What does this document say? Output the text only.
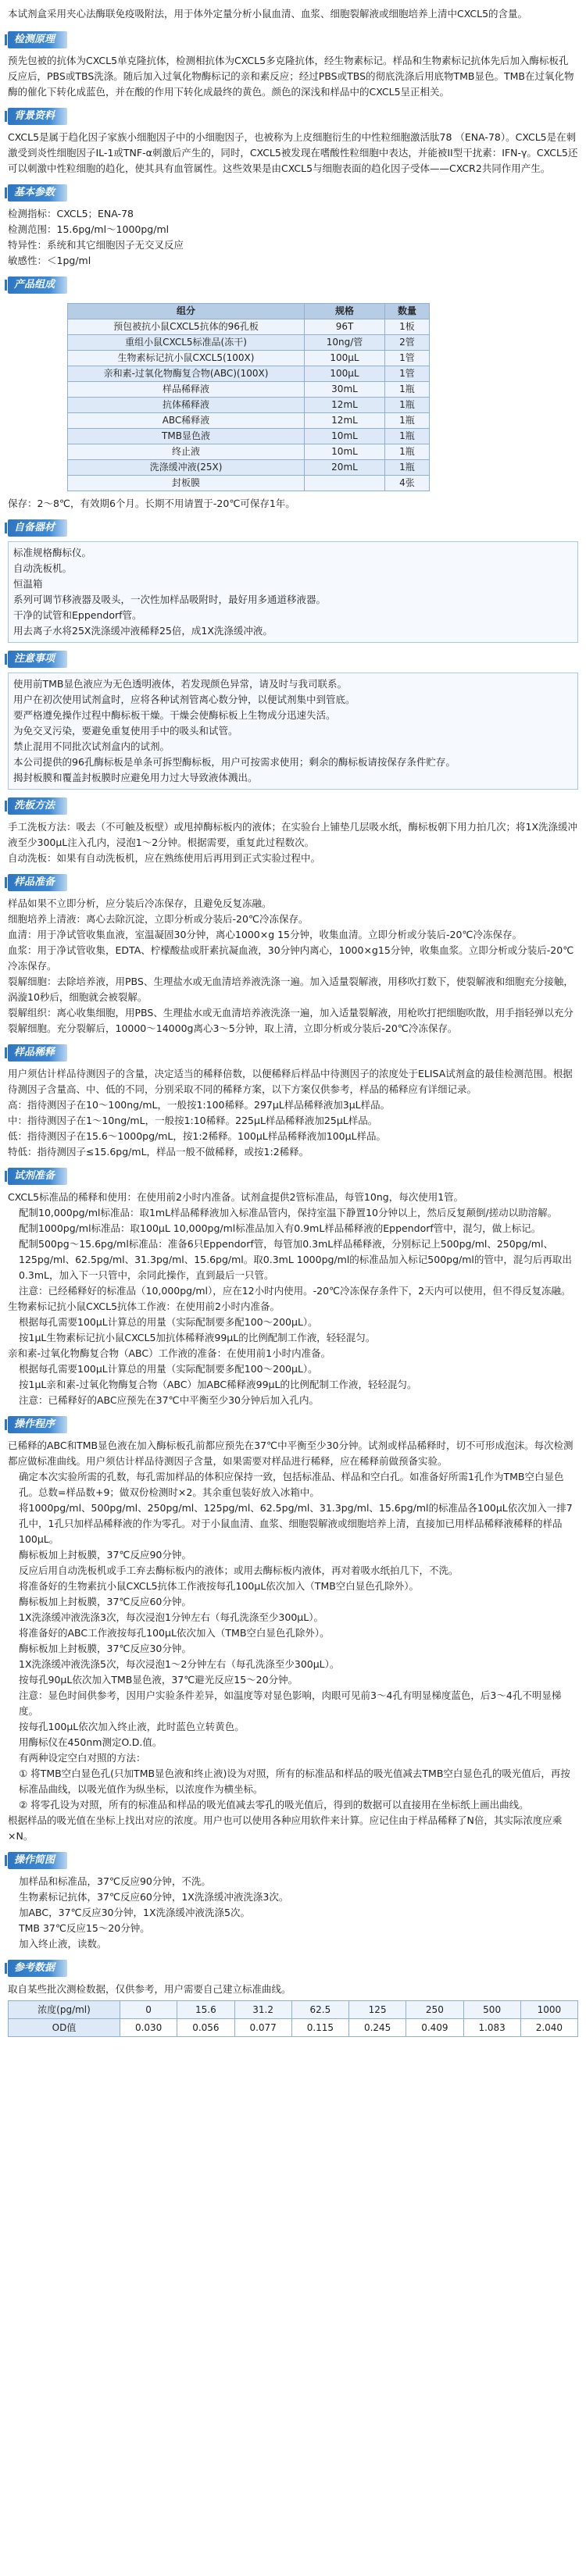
本试剂盒采用夹心法酶联免疫吸附法，用于体外定量分析小鼠血清、血浆、细胞裂解液或细胞培养上清中CXCL5的含量。

检测原理

预先包被的抗体为CXCL5单克隆抗体，检测相抗体为CXCL5多克隆抗体，经生物素标记。样品和生物素标记抗体先后加入酶标板孔反应后，PBS或TBS洗涤。随后加入过氧化物酶标记的亲和素反应；经过PBS或TBS的彻底洗涤后用底物TMB显色。TMB在过氧化物酶的催化下转化成蓝色，并在酸的作用下转化成最终的黄色。颜色的深浅和样品中的CXCL5呈正相关。

背景资料

CXCL5是属于趋化因子家族小细胞因子中的小细胞因子，也被称为上皮细胞衍生的中性粒细胞激活肽78 （ENA-78）。CXCL5是在刺激受到炎性细胞因子IL-1或TNF-α刺激后产生的，同时，CXCL5被发现在嗜酸性粒细胞中表达，并能被II型干扰素：IFN-γ。CXCL5还可以刺激中性粒细胞的趋化，使其具有血管属性。这些效果是由CXCL5与细胞表面的趋化因子受体——CXCR2共同作用产生。

基本参数

检测指标：CXCL5；ENA-78

检测范围：15.6pg/ml～1000pg/ml

特异性：系统和其它细胞因子无交叉反应

敏感性：＜1pg/ml

产品组成
组分	规格	数量
预包被抗小鼠CXCL5抗体的96孔板	96T	1板
重组小鼠CXCL5标准品(冻干)	10ng/管	2管
生物素标记抗小鼠CXCL5(100X)	100μL	1管
亲和素-过氧化物酶复合物(ABC)(100X)	100μL	1管
样品稀释液	30mL	1瓶
抗体稀释液	12mL	1瓶
ABC稀释液	12mL	1瓶
TMB显色液	10mL	1瓶
终止液	10mL	1瓶
洗涤缓冲液(25X)	20mL	1瓶
封板膜		4张

保存：2～8℃，有效期6个月。长期不用请置于-20℃可保存1年。

自备器材

标准规格酶标仪。

自动洗板机。

恒温箱

系列可调节移液器及吸头，一次性加样品吸附时，最好用多通道移液器。

干净的试管和Eppendorf管。

用去离子水将25X洗涤缓冲液稀释25倍，成1X洗涤缓冲液。

注意事项

使用前TMB显色液应为无色透明液体，若发现颜色异常，请及时与我司联系。

用户在初次使用试剂盒时，应将各种试剂管离心数分钟，以便试剂集中到管底。

要严格遵免操作过程中酶标板干燥。干燥会使酶标板上生物成分迅速失活。

为免交叉污染，要避免重复使用手中的吸头和试管。

禁止混用不同批次试剂盒内的试剂。

本公司提供的96孔酶标板是单条可拆型酶标板，用户可按需求使用；剩余的酶标板请按保存条件贮存。

揭封板膜和覆盖封板膜时应避免用力过大导致液体溅出。

洗板方法

手工洗板方法：吸去（不可触及板壁）或甩掉酶标板内的液体；在实验台上铺垫几层吸水纸，酶标板朝下用力拍几次；将1X洗涤缓冲液至少300μL注入孔内，浸泡1～2分钟。根据需要，重复此过程数次。

自动洗板：如果有自动洗板机，应在熟练使用后再用到正式实验过程中。

样品准备

样品如果不立即分析，应分装后冷冻保存，且避免反复冻融。

细胞培养上清液：离心去除沉淀，立即分析或分装后-20℃冷冻保存。

血清：用于净试管收集血液，室温凝固30分钟，离心1000×g 15分钟，收集血清。立即分析或分装后-20℃冷冻保存。

血浆：用于净试管收集，EDTA、柠檬酸盐或肝素抗凝血液，30分钟内离心，1000×g15分钟，收集血浆。立即分析或分装后-20℃冷冻保存。

裂解细胞：去除培养液，用PBS、生理盐水或无血清培养液洗涤一遍。加入适量裂解液，用移吹打数下，使裂解液和细胞充分接触，涡漩10秒后，细胞就会被裂解。

裂解组织：离心收集细胞，用PBS、生理盐水或无血清培养液洗涤一遍，加入适量裂解液，用枪吹打把细胞吹散，用手指轻弹以充分裂解细胞。充分裂解后，10000～14000g离心3～5分钟，取上清，立即分析或分装后-20℃冷冻保存。

样品稀释

用户须估计样品待测因子的含量，决定适当的稀释倍数，以便稀释后样品中待测因子的浓度处于ELISA试剂盒的最佳检测范围。根据待测因子含量高、中、低的不同，分别采取不同的稀释方案，以下方案仅供参考，样品的稀释应有详细记录。

高：指待测因子在10～100ng/mL，一般按1:100稀释。297μL样品稀释液加3μL样品。

中：指待测因子在1～10ng/mL，一般按1:10稀释。225μL样品稀释液加25μL样品。

低：指待测因子在15.6～1000pg/mL，按1:2稀释。100μL样品稀释液加100μL样品。

特低：指待测因子≤15.6pg/mL，样品一般不做稀释，或按1:2稀释。

试剂准备

CXCL5标准品的稀释和使用：在使用前2小时内准备。试剂盒提供2管标准品，每管10ng，每次使用1管。

配制10,000pg/ml标准品：取1mL样品稀释液加入标准品管内，保持室温下静置10分钟以上，然后反复颠倒/搓动以助溶解。

配制1000pg/ml标准品：取100μL 10,000pg/ml标准品加入有0.9mL样品稀释液的Eppendorf管中，混匀，做上标记。

配制500pg～15.6pg/ml标准品：准备6只Eppendorf管，每管加0.3mL样品稀释液，分别标记上500pg/ml、250pg/ml、125pg/ml、62.5pg/ml、31.3pg/ml、15.6pg/ml。取0.3mL 1000pg/ml的标准品加入标记500pg/ml的管中，混匀后再取出0.3mL，加入下一只管中，余同此操作，直到最后一只管。

注意：已经稀释好的标准品（10,000pg/ml），应在12小时内使用。-20℃冷冻保存条件下，2天内可以使用，但不得反复冻融。

生物素标记抗小鼠CXCL5抗体工作液：在使用前2小时内准备。

根据每孔需要100μL计算总的用量（实际配制要多配100～200μL）。

按1μL生物素标记抗小鼠CXCL5加抗体稀释液99μL的比例配制工作液，轻轻混匀。

亲和素-过氧化物酶复合物（ABC）工作液的准备：在使用前1小时内准备。

根据每孔需要100μL计算总的用量（实际配制要多配100～200μL）。

按1μL亲和素-过氧化物酶复合物（ABC）加ABC稀释液99μL的比例配制工作液，轻轻混匀。

注意：已稀释好的ABC应预先在37℃中平衡至少30分钟后加入孔内。

操作程序

已稀释的ABC和TMB显色液在加入酶标板孔前都应预先在37℃中平衡至少30分钟。试剂或样品稀释时，切不可形成泡沫。每次检测都应做标准曲线。用户须估计样品待测因子含量，如果需要对样品进行稀释，应在稀释前做预备实验。

确定本次实验所需的孔数，每孔需加样品的体积应保持一致，包括标准品、样品和空白孔。如准备好所需1孔作为TMB空白显色孔。总数=样品数+9；做双份检测时×2。其余重包装好放入冰箱中。

将1000pg/ml、500pg/ml、250pg/ml、125pg/ml、62.5pg/ml、31.3pg/ml、15.6pg/ml的标准品各100μL依次加入一排7孔中，1孔只加样品稀释液的作为零孔。对于小鼠血清、血浆、细胞裂解液或细胞培养上清，直接加已用样品稀释液稀释的样品100μL。

酶标板加上封板膜，37℃反应90分钟。

反应后用自动洗板机或手工弃去酶标板内的液体；或用去酶标板内液体，再对着吸水纸拍几下，不洗。

将准备好的生物素抗小鼠CXCL5抗体工作液按每孔100μL依次加入（TMB空白显色孔除外）。

酶标板加上封板膜，37℃反应60分钟。

1X洗涤缓冲液洗涤3次，每次浸泡1分钟左右（每孔洗涤至少300μL）。

将准备好的ABC工作液按每孔100μL依次加入（TMB空白显色孔除外）。

酶标板加上封板膜，37℃反应30分钟。

1X洗涤缓冲液洗涤5次，每次浸泡1～2分钟左右（每孔洗涤至少300μL）。

按每孔90μL依次加入TMB显色液，37℃避光反应15～20分钟。

注意：显色时间供参考，因用户实验条件差异，如温度等对显色影响，肉眼可见前3～4孔有明显梯度蓝色，后3～4孔不明显梯度。

按每孔100μL依次加入终止液，此时蓝色立转黄色。

用酶标仪在450nm测定O.D.值。

有两种设定空白对照的方法：

① 将TMB空白显色孔(只加TMB显色液和终止液)设为对照，所有的标准品和样品的吸光值减去TMB空白显色孔的吸光值后，再按标准品曲线，以吸光值作为纵坐标，以浓度作为横坐标。

② 将零孔设为对照，所有的标准品和样品的吸光值减去零孔的吸光值后，得到的数据可以直接用在坐标纸上画出曲线。

根据样品的吸光值在坐标上找出对应的浓度。用户也可以使用各种应用软件来计算。应记住由于样品稀释了N倍，其实际浓度应乘×N。

操作简图

加样品和标准品，37℃反应90分钟，不洗。

生物素标记抗体，37℃反应60分钟，1X洗涤缓冲液洗涤3次。

加ABC，37℃反应30分钟，1X洗涤缓冲液洗涤5次。

TMB 37℃反应15～20分钟。

加入终止液，读数。

参考数据

取自某些批次测检数据，仅供参考，用户需要自己建立标准曲线。

浓度(pg/ml)	0	15.6	31.2	62.5	125	250	500	1000
OD值	0.030	0.056	0.077	0.115	0.245	0.409	1.083	2.040
